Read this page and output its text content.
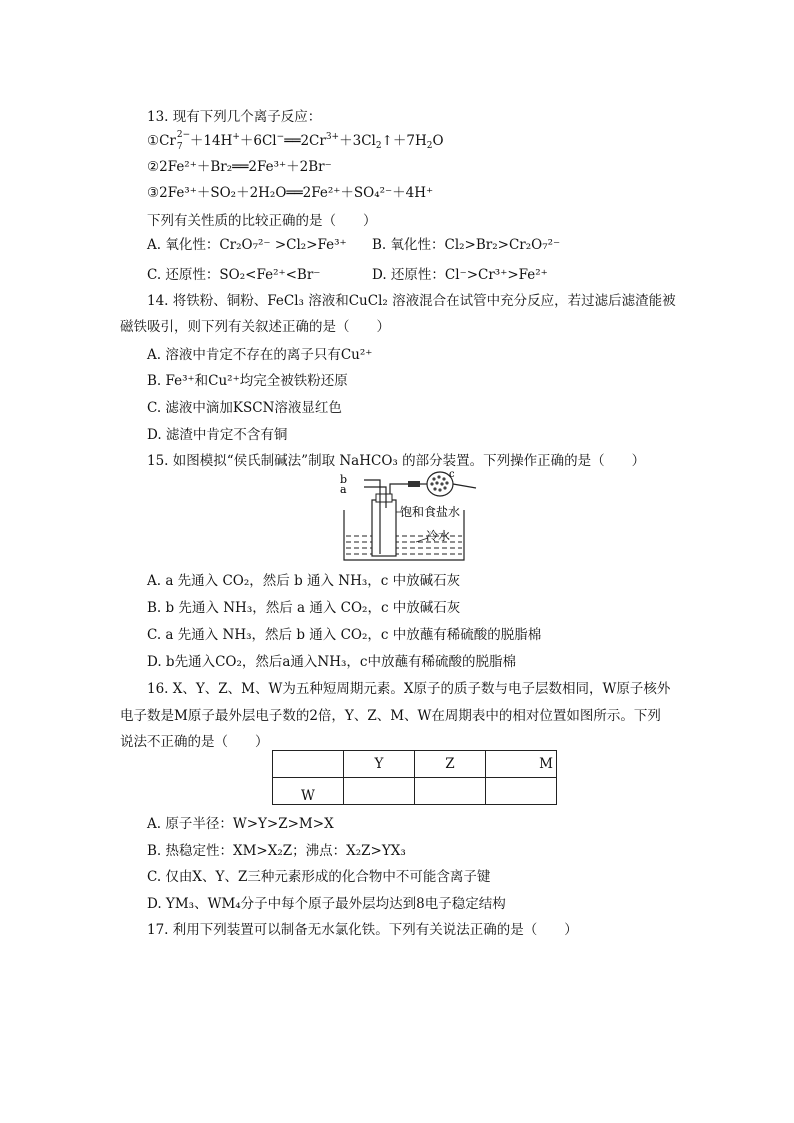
13. 现有下列几个离子反应：
①Cr 2−
$7 +14H^++6Cl^-══2Cr^{3+}+3Cl_2↑+7H_2O$
②2Fe²⁺＋Br₂══2Fe³⁺＋2Br⁻
③2Fe³⁺＋SO₂＋2H₂O══2Fe²⁺＋SO₄²⁻＋4H⁺
下列有关性质的比较正确的是（　　）
A. 氧化性：Cr₂O₇²⁻ >Cl₂>Fe³⁺ B. 氧化性：Cl₂>Br₂>Cr₂O₇²⁻
C. 还原性：SO₂<Fe²⁺<Br⁻	D. 还原性：Cl⁻>Cr³⁺>Fe²⁺
14. 将铁粉、铜粉、FeCl₃ 溶液和CuCl₂ 溶液混合在试管中充分反应，若过滤后滤渣能被
磁铁吸引，则下列有关叙述正确的是（　　）
A. 溶液中肯定不存在的离子只有Cu²⁺
B. Fe³⁺和Cu²⁺均完全被铁粉还原
C. 滤液中滴加KSCN溶液显红色
D. 滤渣中肯定不含有铜
15. 如图模拟“侯氏制碱法”制取 NaHCO₃ 的部分装置。下列操作正确的是（　　）
b
a
c
饱和食盐水
冷水
A. a 先通入 CO₂，然后 b 通入 NH₃，c 中放碱石灰
B. b 先通入 NH₃，然后 a 通入 CO₂，c 中放碱石灰
C. a 先通入 NH₃，然后 b 通入 CO₂，c 中放蘸有稀硫酸的脱脂棉
D. b先通入CO₂，然后a通入NH₃，c中放蘸有稀硫酸的脱脂棉
16. X、Y、Z、M、W为五种短周期元素。X原子的质子数与电子层数相同，W原子核外
电子数是M原子最外层电子数的2倍，Y、Z、M、W在周期表中的相对位置如图所示。下列
说法不正确的是（　　）
	Y	Z	M
W			
A. 原子半径：W>Y>Z>M>X
B. 热稳定性：XM>X₂Z；沸点：X₂Z>YX₃
C. 仅由X、Y、Z三种元素形成的化合物中不可能含离子键
D. YM₃、WM₄分子中每个原子最外层均达到8电子稳定结构
17. 利用下列装置可以制备无水氯化铁。下列有关说法正确的是（　　）
